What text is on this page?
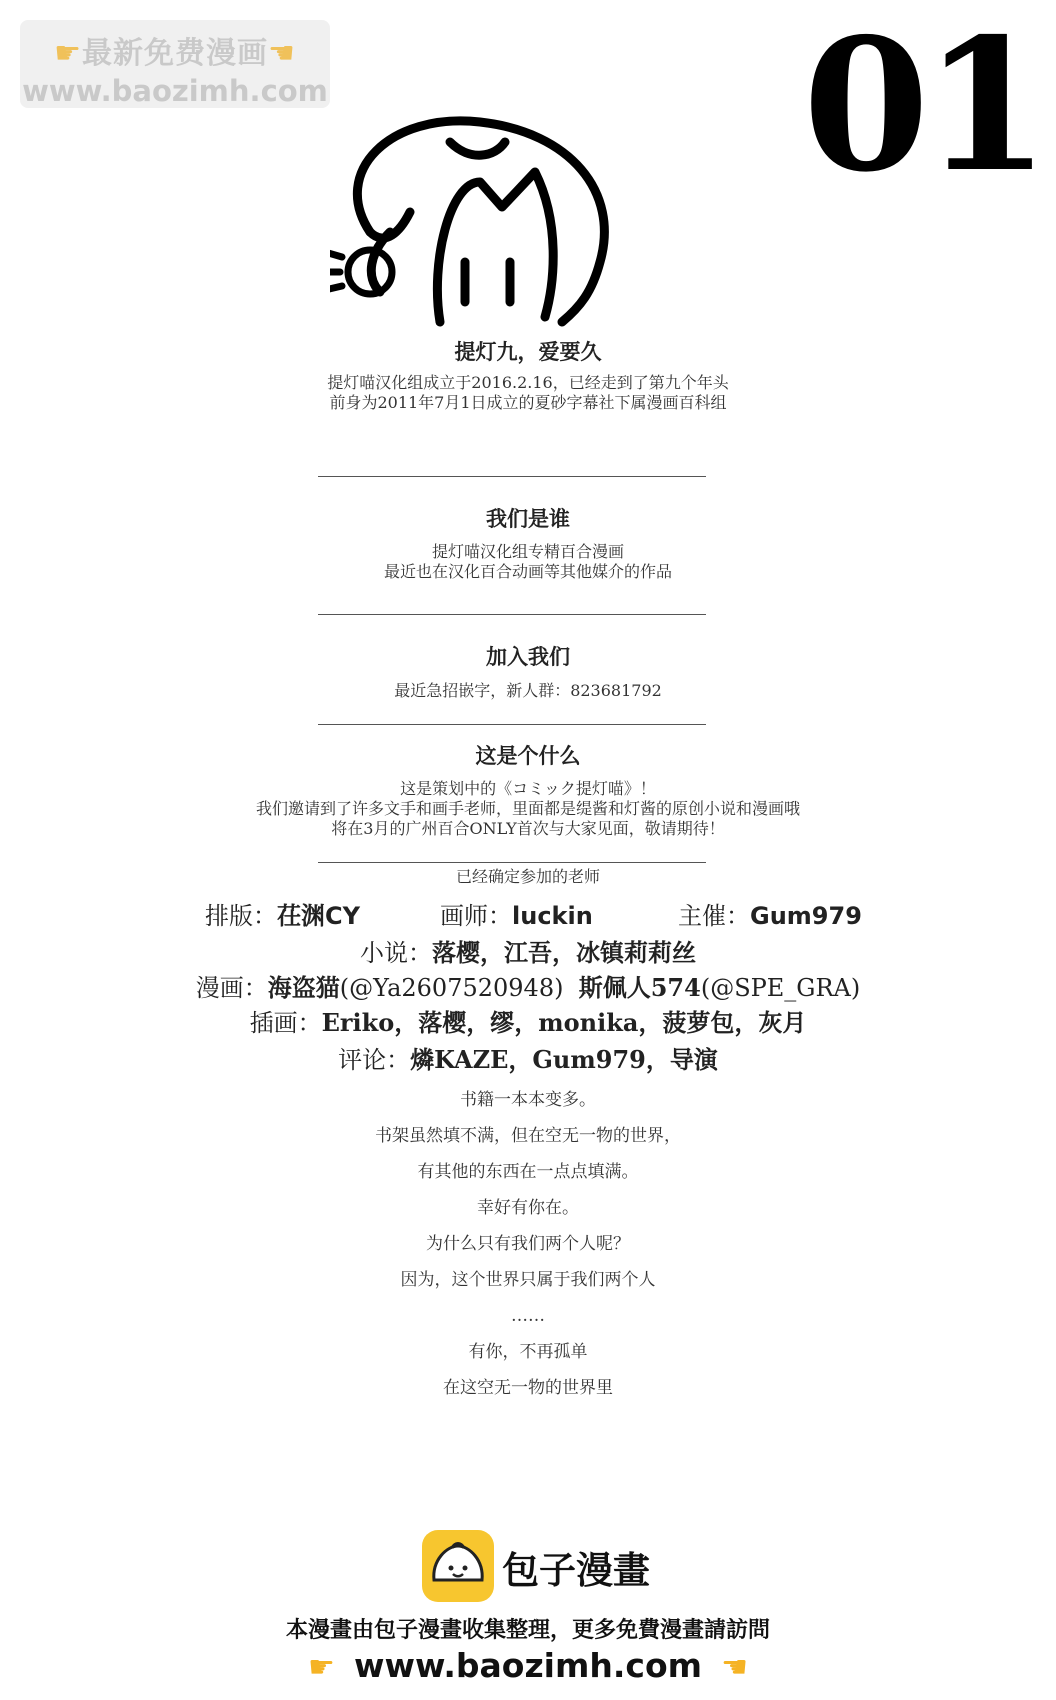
☛最新免费漫画☚
www.baozimh.com	01
提灯九，爱要久
提灯喵汉化组成立于2016.2.16，已经走到了第九个年头
前身为2011年7月1日成立的夏砂字幕社下属漫画百科组
我们是谁
提灯喵汉化组专精百合漫画
最近也在汉化百合动画等其他媒介的作品
加入我们
最近急招嵌字，新人群：823681792
这是个什么
这是策划中的《コミック提灯喵》！
我们邀请到了许多文手和画手老师，里面都是缇酱和灯酱的原创小说和漫画哦
将在3月的广州百合ONLY首次与大家见面，敬请期待！
已经确定参加的老师
排版：茌渊CY	画师：luckin	主催：Gum979
小说：落樱，江吾，冰镇莉莉丝
漫画：海盗猫(@Ya2607520948) 斯佩人574(@SPE_GRA)
插画：Eriko，落樱，缪，monika，菠萝包，灰月
评论：燐KAZE，Gum979，导演
书籍一本本变多。
书架虽然填不满，但在空无一物的世界，
有其他的东西在一点点填满。
幸好有你在。
为什么只有我们两个人呢？
因为，这个世界只属于我们两个人
……
有你，不再孤单
在这空无一物的世界里
包子漫畫
本漫畫由包子漫畫收集整理，更多免費漫畫請訪問
☛ www.baozimh.com ☚
